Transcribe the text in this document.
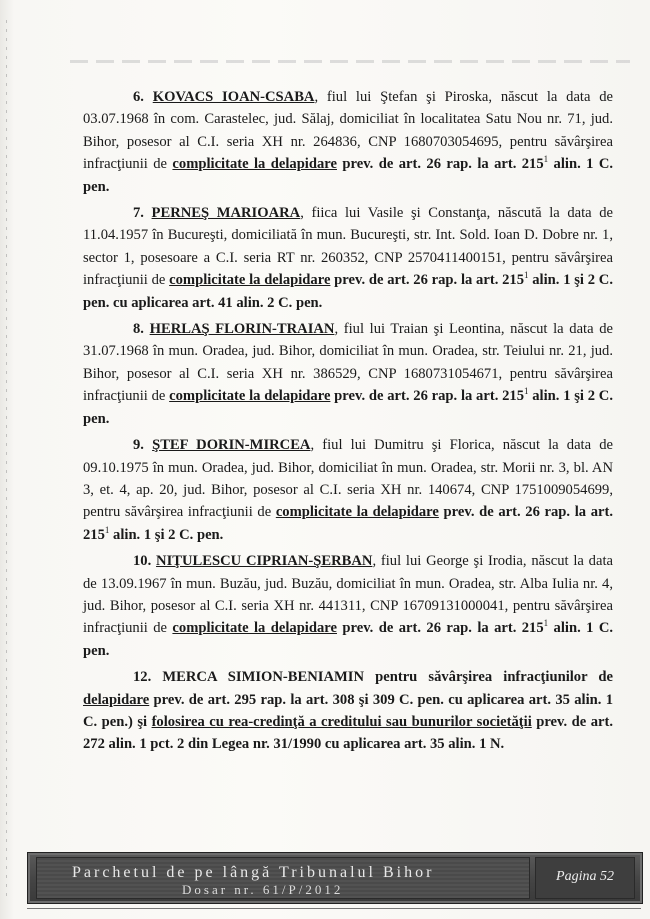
6. KOVACS IOAN-CSABA, fiul lui Ştefan şi Piroska, născut la data de 03.07.1968 în com. Carastelec, jud. Sălaj, domiciliat în localitatea Satu Nou nr. 71, jud. Bihor, posesor al C.I. seria XH nr. 264836, CNP 1680703054695, pentru săvârşirea infracţiunii de complicitate la delapidare prev. de art. 26 rap. la art. $215^1$ alin. 1 C. pen.

7. PERNEŞ MARIOARA, fiica lui Vasile şi Constanţa, născută la data de 11.04.1957 în Bucureşti, domiciliată în mun. Bucureşti, str. Int. Sold. Ioan D. Dobre nr. 1, sector 1, posesoare a C.I. seria RT nr. 260352, CNP 2570411400151, pentru săvârşirea infracţiunii de complicitate la delapidare prev. de art. 26 rap. la art. $215^1$ alin. 1 şi 2 C. pen. cu aplicarea art. 41 alin. 2 C. pen.

8. HERLAŞ FLORIN-TRAIAN, fiul lui Traian şi Leontina, născut la data de 31.07.1968 în mun. Oradea, jud. Bihor, domiciliat în mun. Oradea, str. Teiului nr. 21, jud. Bihor, posesor al C.I. seria XH nr. 386529, CNP 1680731054671, pentru săvârşirea infracţiunii de complicitate la delapidare prev. de art. 26 rap. la art. $215^1$ alin. 1 şi 2 C. pen.

9. ŞTEF DORIN-MIRCEA, fiul lui Dumitru şi Florica, născut la data de 09.10.1975 în mun. Oradea, jud. Bihor, domiciliat în mun. Oradea, str. Morii nr. 3, bl. AN 3, et. 4, ap. 20, jud. Bihor, posesor al C.I. seria XH nr. 140674, CNP 1751009054699, pentru săvârşirea infracţiunii de complicitate la delapidare prev. de art. 26 rap. la art. $215^1$ alin. 1 şi 2 C. pen.

10. NIŢULESCU CIPRIAN-ŞERBAN, fiul lui George şi Irodia, născut la data de 13.09.1967 în mun. Buzău, jud. Buzău, domiciliat în mun. Oradea, str. Alba Iulia nr. 4, jud. Bihor, posesor al C.I. seria XH nr. 441311, CNP 16709131000041, pentru săvârşirea infracţiunii de complicitate la delapidare prev. de art. 26 rap. la art. $215^1$ alin. 1 C. pen.

12. MERCA SIMION-BENIAMIN pentru săvârşirea infracţiunilor de delapidare prev. de art. 295 rap. la art. 308 şi 309 C. pen. cu aplicarea art. 35 alin. 1 C. pen.) şi folosirea cu rea-credinţă a creditului sau bunurilor societăţii prev. de art. 272 alin. 1 pct. 2 din Legea nr. 31/1990 cu aplicarea art. 35 alin. 1 N.

Parchetul de pe lângă Tribunalul Bihor
Dosar nr. 61/P/2012
Pagina 52
